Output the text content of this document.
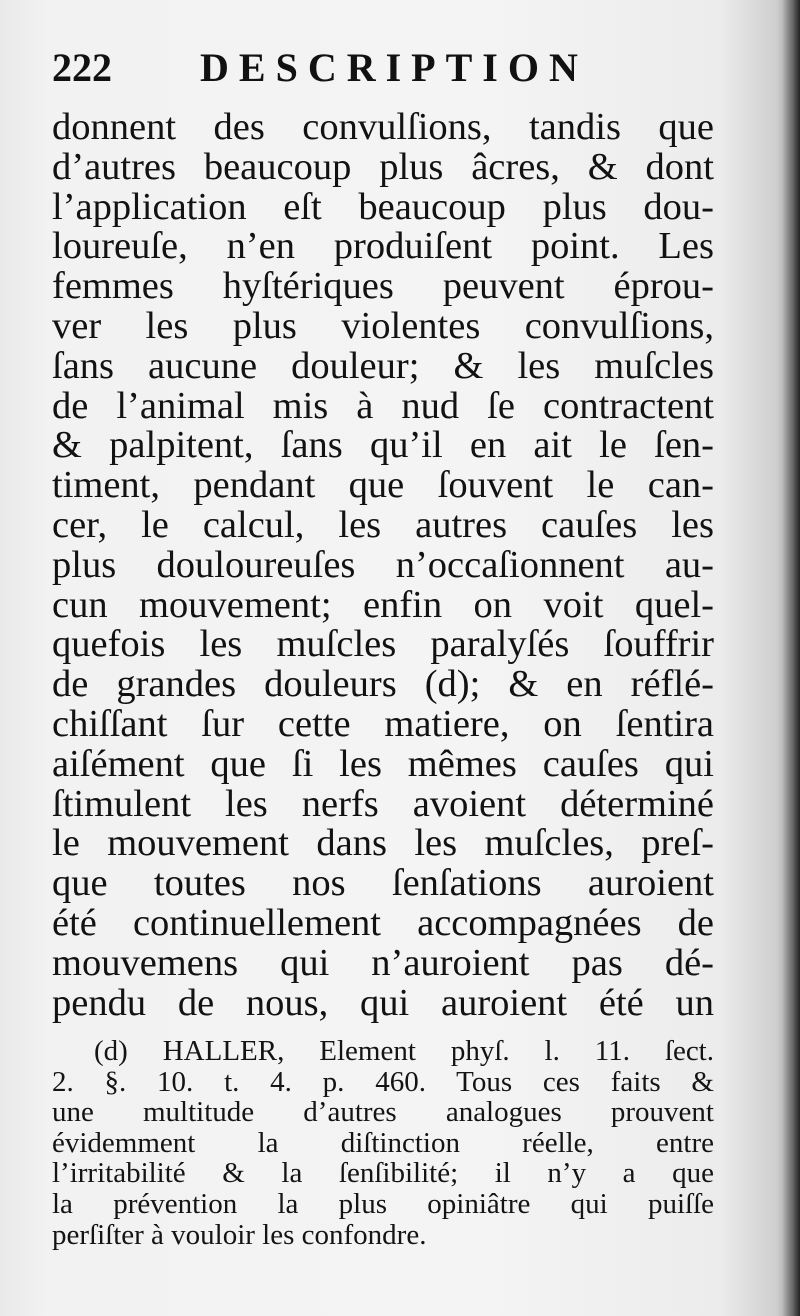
222 DESCRIPTION
donnent des convulſions, tandis que
d’autres beaucoup plus âcres, & dont
l’application eſt beaucoup plus dou-
loureuſe, n’en produiſent point. Les
femmes hyſtériques peuvent éprou-
ver les plus violentes convulſions,
ſans aucune douleur; & les muſcles
de l’animal mis à nud ſe contractent
& palpitent, ſans qu’il en ait le ſen-
timent, pendant que ſouvent le can-
cer, le calcul, les autres cauſes les
plus douloureuſes n’occaſionnent au-
cun mouvement; enfin on voit quel-
quefois les muſcles paralyſés ſouffrir
de grandes douleurs (d); & en réflé-
chiſſant ſur cette matiere, on ſentira
aiſément que ſi les mêmes cauſes qui
ſtimulent les nerfs avoient déterminé
le mouvement dans les muſcles, preſ-
que toutes nos ſenſations auroient
été continuellement accompagnées de
mouvemens qui n’auroient pas dé-
pendu de nous, qui auroient été un
(d) HALLER, Element phyſ. l. 11. ſect.
2. §. 10. t. 4. p. 460. Tous ces faits &
une multitude d’autres analogues prouvent
évidemment la diſtinction réelle, entre
l’irritabilité & la ſenſibilité; il n’y a que
la prévention la plus opiniâtre qui puiſſe
perſiſter à vouloir les confondre.
